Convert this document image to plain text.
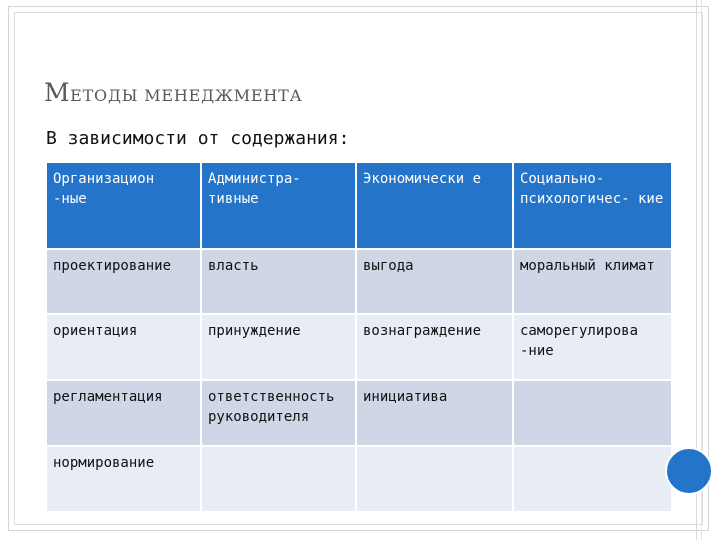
МЕТОДЫ МЕНЕДЖМЕНТА
В зависимости от содержания:
Организацион -ные	Администра- тивные	Экономически е	Социально- психологичес- кие
проектирование	власть	выгода	моральный климат
ориентация	принуждение	вознаграждение	саморегулирова -ние
регламентация	ответственность руководителя	инициатива	
нормирование			
